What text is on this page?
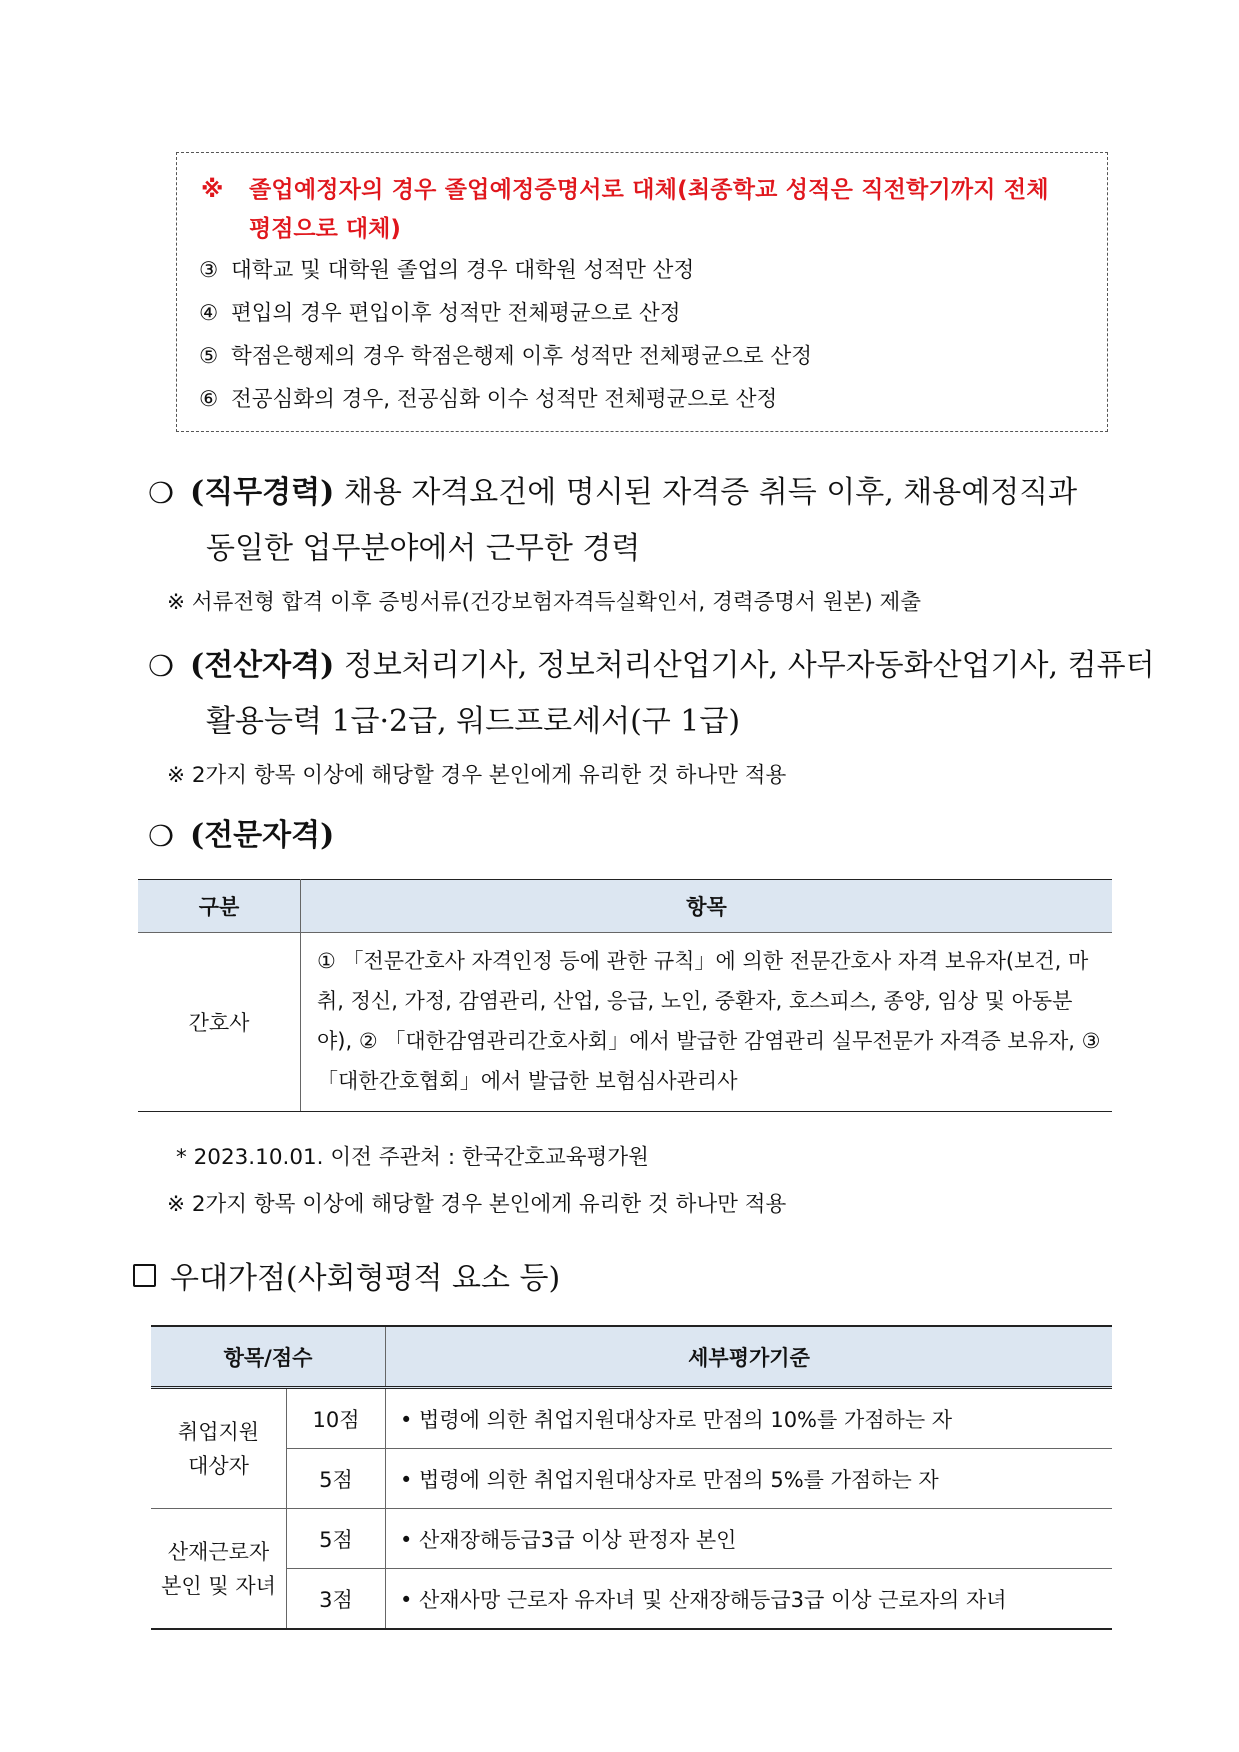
※ 졸업예정자의 경우 졸업예정증명서로 대체(최종학교 성적은 직전학기까지 전체
평점으로 대체)
③ 대학교 및 대학원 졸업의 경우 대학원 성적만 산정
④ 편입의 경우 편입이후 성적만 전체평균으로 산정
⑤ 학점은행제의 경우 학점은행제 이후 성적만 전체평균으로 산정
⑥ 전공심화의 경우, 전공심화 이수 성적만 전체평균으로 산정
❍ (직무경력) 채용 자격요건에 명시된 자격증 취득 이후, 채용예정직과
동일한 업무분야에서 근무한 경력
※ 서류전형 합격 이후 증빙서류(건강보험자격득실확인서, 경력증명서 원본) 제출
❍ (전산자격) 정보처리기사, 정보처리산업기사, 사무자동화산업기사, 컴퓨터
활용능력 1급·2급, 워드프로세서(구 1급)
※ 2가지 항목 이상에 해당할 경우 본인에게 유리한 것 하나만 적용
❍ (전문자격)
구분	항목
간호사	① 「전문간호사 자격인정 등에 관한 규칙」에 의한 전문간호사 자격 보유자(보건, 마취, 정신, 가정, 감염관리, 산업, 응급, 노인, 중환자, 호스피스, 종양, 임상 및 아동분야), ② 「대한감염관리간호사회」에서 발급한 감염관리 실무전문가 자격증 보유자, ③ 「대한간호협회」에서 발급한 보험심사관리사
* 2023.10.01. 이전 주관처 : 한국간호교육평가원
※ 2가지 항목 이상에 해당할 경우 본인에게 유리한 것 하나만 적용
우대가점(사회형평적 요소 등)
항목/점수		세부평가기준

취업지원
대상자	10점	• 법령에 의한 취업지원대상자로 만점의 10%를 가점하는 자
	5점	• 법령에 의한 취업지원대상자로 만점의 5%를 가점하는 자

산재근로자
본인 및 자녀	5점	• 산재장해등급3급 이상 판정자 본인
	3점	• 산재사망 근로자 유자녀 및 산재장해등급3급 이상 근로자의 자녀
